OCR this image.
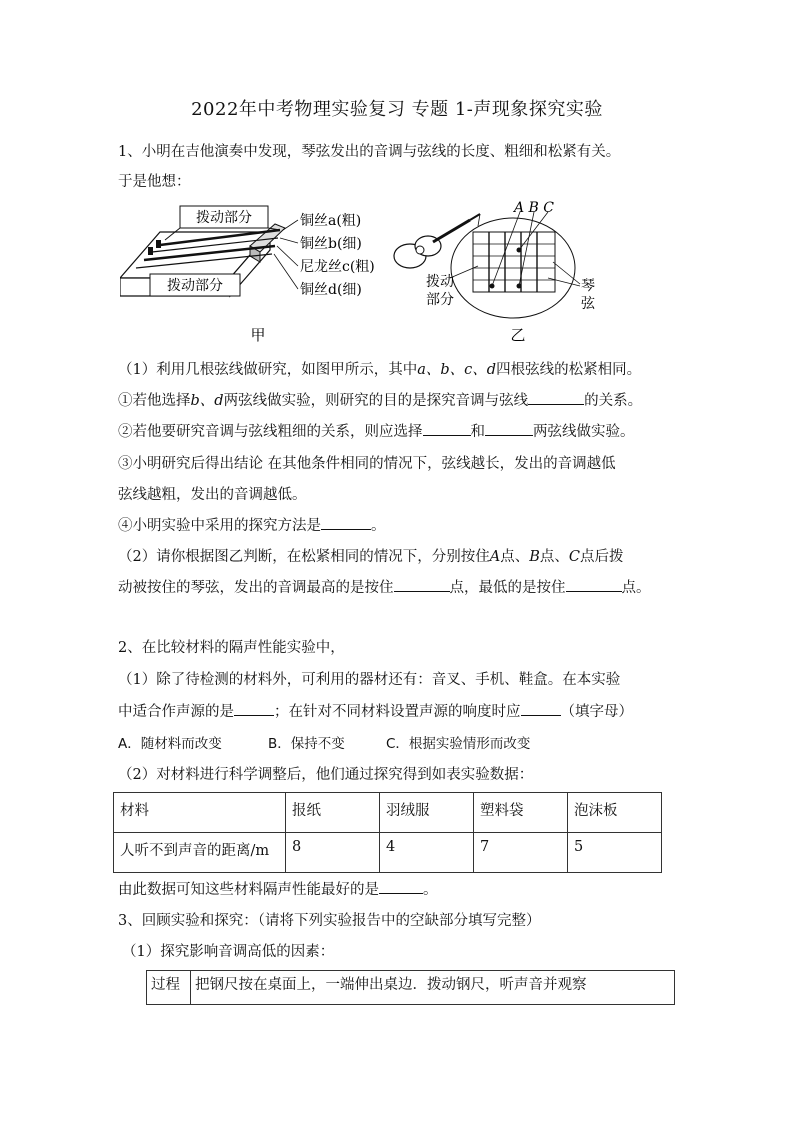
2022年中考物理实验复习 专题 1-声现象探究实验
1、小明在吉他演奏中发现，琴弦发出的音调与弦线的长度、粗细和松紧有关。
于是他想：
拨动部分
拨动部分
铜丝a(粗)
铜丝b(细)
尼龙丝c(粗)
铜丝d(细)
甲
A B C
拨动
部分
琴
弦
乙
（1）利用几根弦线做研究，如图甲所示，其中a、b、c、d四根弦线的松紧相同。
①若他选择b、d两弦线做实验，则研究的目的是探究音调与弦线	的关系。
②若他要研究音调与弦线粗细的关系，则应选择	和	两弦线做实验。
③小明研究后得出结论 在其他条件相同的情况下，弦线越长，发出的音调越低
弦线越粗，发出的音调越低。
④小明实验中采用的探究方法是	。
（2）请你根据图乙判断，在松紧相同的情况下，分别按住A点、B点、C点后拨
动被按住的琴弦，发出的音调最高的是按住	点，最低的是按住	点。
2、在比较材料的隔声性能实验中，
（1）除了待检测的材料外，可利用的器材还有：音叉、手机、鞋盒。在本实验
中适合作声源的是	；在针对不同材料设置声源的响度时应	（填字母）
A．随材料而改变	B．保持不变	C．根据实验情形而改变
（2）对材料进行科学调整后，他们通过探究得到如表实验数据：
材料	报纸	羽绒服	塑料袋	泡沫板
人听不到声音的距离/m	8	4	7	5
由此数据可知这些材料隔声性能最好的是	。
3、回顾实验和探究：（请将下列实验报告中的空缺部分填写完整）
（1）探究影响音调高低的因素：
过程	把钢尺按在桌面上，一端伸出桌边．拨动钢尺，听声音并观察
